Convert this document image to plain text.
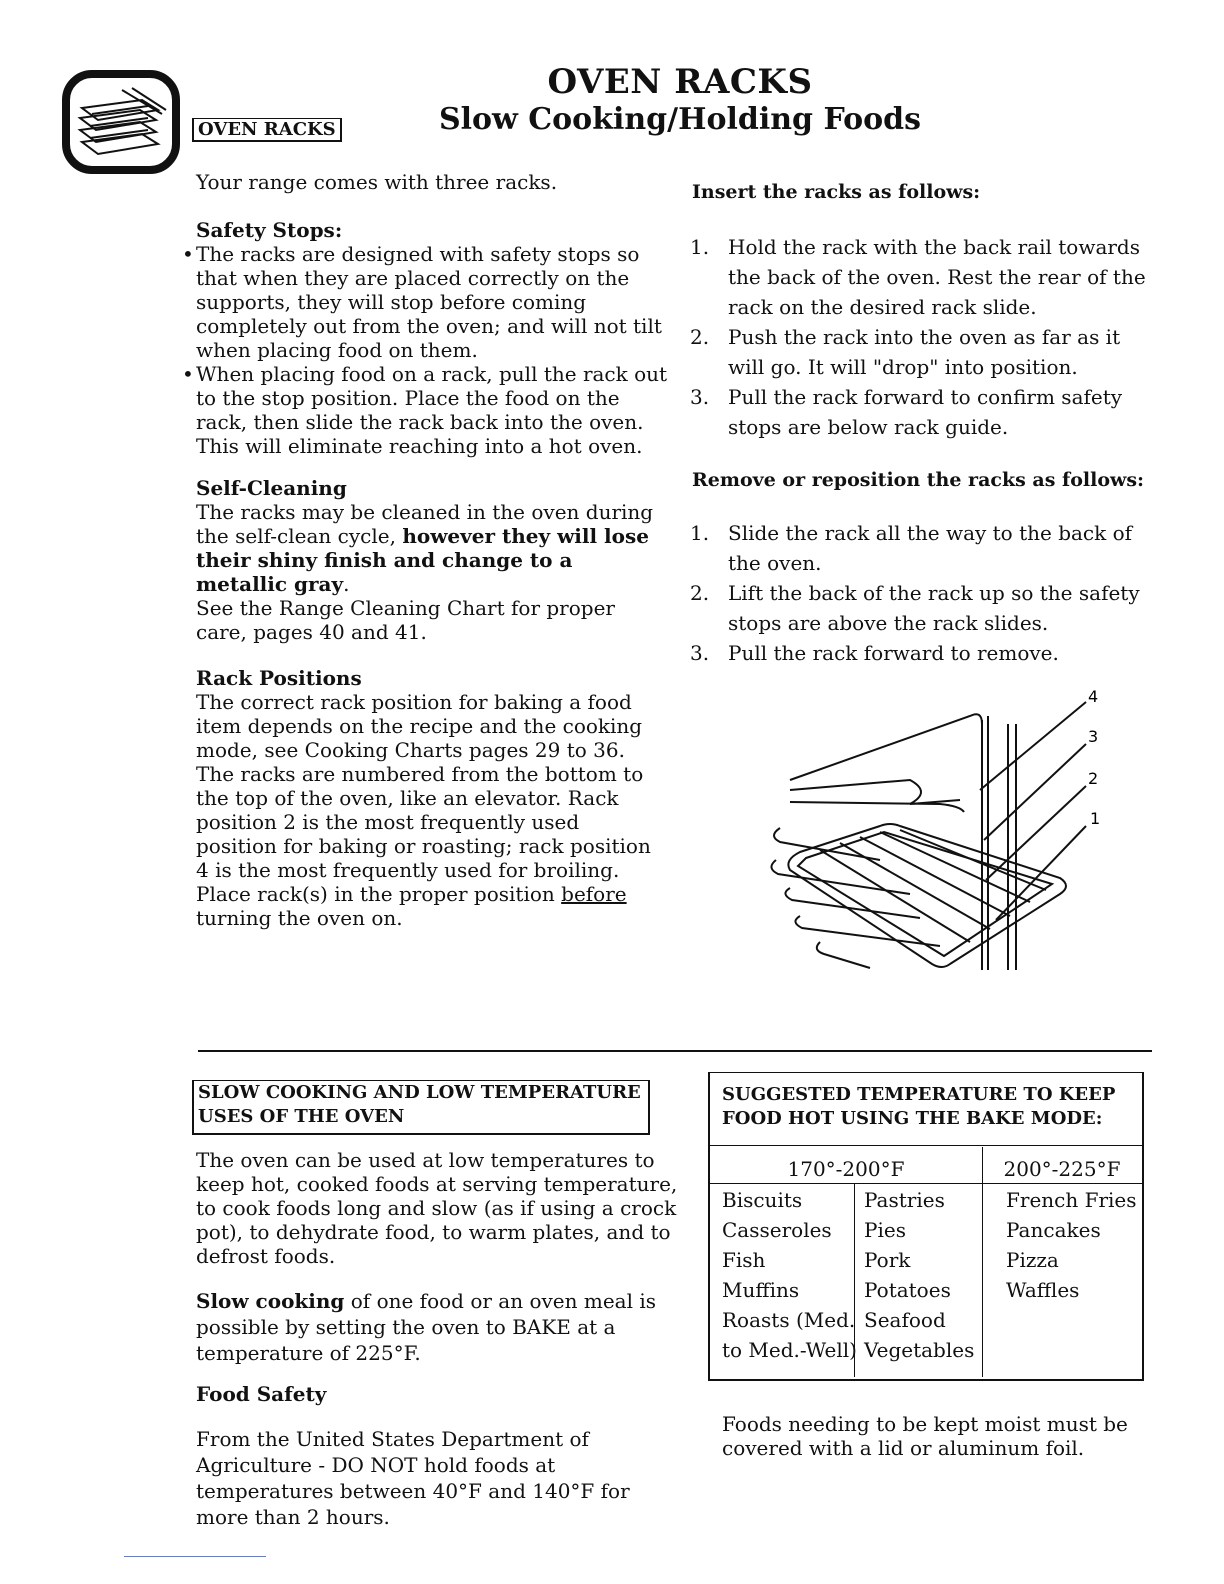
OVEN RACKS
OVEN RACKS
Slow Cooking/Holding Foods
Your range comes with three racks.
Safety Stops:
• The racks are designed with safety stops so that when they are placed correctly on the supports, they will stop before coming completely out from the oven; and will not tilt when placing food on them.
• When placing food on a rack, pull the rack out to the stop position. Place the food on the rack, then slide the rack back into the oven. This will eliminate reaching into a hot oven.
Self-Cleaning
The racks may be cleaned in the oven during the self-clean cycle, however they will lose their shiny finish and change to a metallic gray.
See the Range Cleaning Chart for proper care, pages 40 and 41.
Rack Positions
The correct rack position for baking a food item depends on the recipe and the cooking mode, see Cooking Charts pages 29 to 36. The racks are numbered from the bottom to the top of the oven, like an elevator. Rack position 2 is the most frequently used position for baking or roasting; rack position 4 is the most frequently used for broiling. Place rack(s) in the proper position before turning the oven on.
Insert the racks as follows:
1. Hold the rack with the back rail towards the back of the oven. Rest the rear of the rack on the desired rack slide.
2. Push the rack into the oven as far as it will go. It will "drop" into position.
3. Pull the rack forward to confirm safety stops are below rack guide.
Remove or reposition the racks as follows:
1. Slide the rack all the way to the back of the oven.
2. Lift the back of the rack up so the safety stops are above the rack slides.
3. Pull the rack forward to remove.
4
3
2
1
SLOW COOKING AND LOW TEMPERATURE
USES OF THE OVEN
The oven can be used at low temperatures to keep hot, cooked foods at serving temperature, to cook foods long and slow (as if using a crock pot), to dehydrate food, to warm plates, and to defrost foods.
Slow cooking of one food or an oven meal is possible by setting the oven to BAKE at a temperature of 225°F.
Food Safety
From the United States Department of Agriculture - DO NOT hold foods at temperatures between 40°F and 140°F for more than 2 hours.
SUGGESTED TEMPERATURE TO KEEP
FOOD HOT USING THE BAKE MODE:
170°-200°F	200°-225°F
Biscuits
Casseroles
Fish
Muffins
Roasts (Med.
to Med.-Well)
Pastries
Pies
Pork
Potatoes
Seafood
Vegetables
French Fries
Pancakes
Pizza
Waffles
Foods needing to be kept moist must be covered with a lid or aluminum foil.
